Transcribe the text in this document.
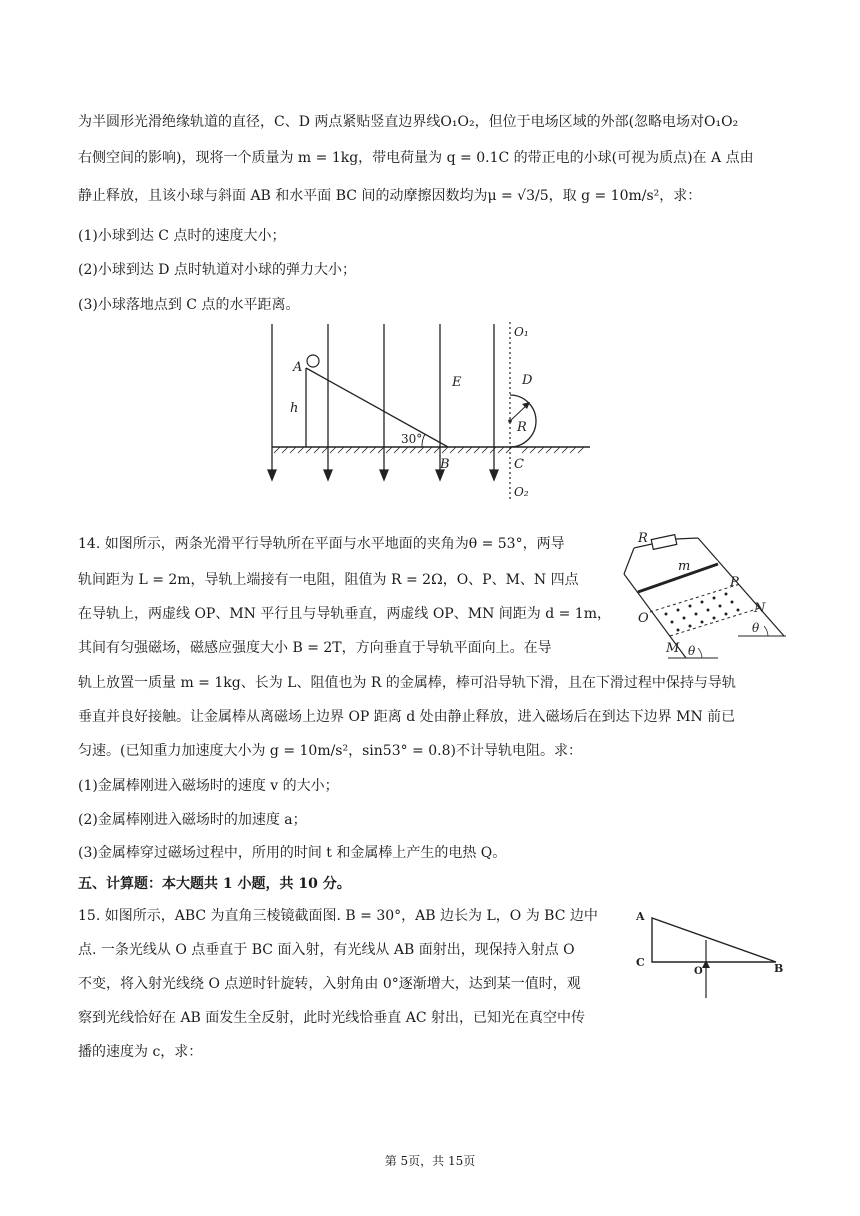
为半圆形光滑绝缘轨道的直径，C、D 两点紧贴竖直边界线O₁O₂，但位于电场区域的外部(忽略电场对O₁O₂
右侧空间的影响)，现将一个质量为 m = 1kg，带电荷量为 q = 0.1C 的带正电的小球(可视为质点)在 A 点由
静止释放，且该小球与斜面 AB 和水平面 BC 间的动摩擦因数均为μ = √3/5，取 g = 10m/s²，求：
(1)小球到达 C 点时的速度大小；
(2)小球到达 D 点时轨道对小球的弹力大小；
(3)小球落地点到 C 点的水平距离。
A
h
30°
B
E
O₁
D
R
C
O₂
14. 如图所示，两条光滑平行导轨所在平面与水平地面的夹角为θ = 53°，两导
轨间距为 L = 2m，导轨上端接有一电阻，阻值为 R = 2Ω，O、P、M、N 四点
在导轨上，两虚线 OP、MN 平行且与导轨垂直，两虚线 OP、MN 间距为 d = 1m，
其间有匀强磁场，磁感应强度大小 B = 2T，方向垂直于导轨平面向上。在导
轨上放置一质量 m = 1kg、长为 L、阻值也为 R 的金属棒，棒可沿导轨下滑，且在下滑过程中保持与导轨
垂直并良好接触。让金属棒从离磁场上边界 OP 距离 d 处由静止释放，进入磁场后在到达下边界 MN 前已
匀速。(已知重力加速度大小为 g = 10m/s²，sin53° = 0.8)不计导轨电阻。求：
(1)金属棒刚进入磁场时的速度 v 的大小；
(2)金属棒刚进入磁场时的加速度 a；
(3)金属棒穿过磁场过程中，所用的时间 t 和金属棒上产生的电热 Q。
R
m
P
N
O
M θ
θ
五、计算题：本大题共 1 小题，共 10 分。
15. 如图所示，ABC 为直角三棱镜截面图. B = 30°，AB 边长为 L，O 为 BC 边中
点. 一条光线从 O 点垂直于 BC 面入射，有光线从 AB 面射出，现保持入射点 O
不变，将入射光线绕 O 点逆时针旋转，入射角由 0°逐渐增大，达到某一值时，观
察到光线恰好在 AB 面发生全反射，此时光线恰垂直 AC 射出，已知光在真空中传
播的速度为 c，求：
A
C
O	B
第 5页，共 15页
